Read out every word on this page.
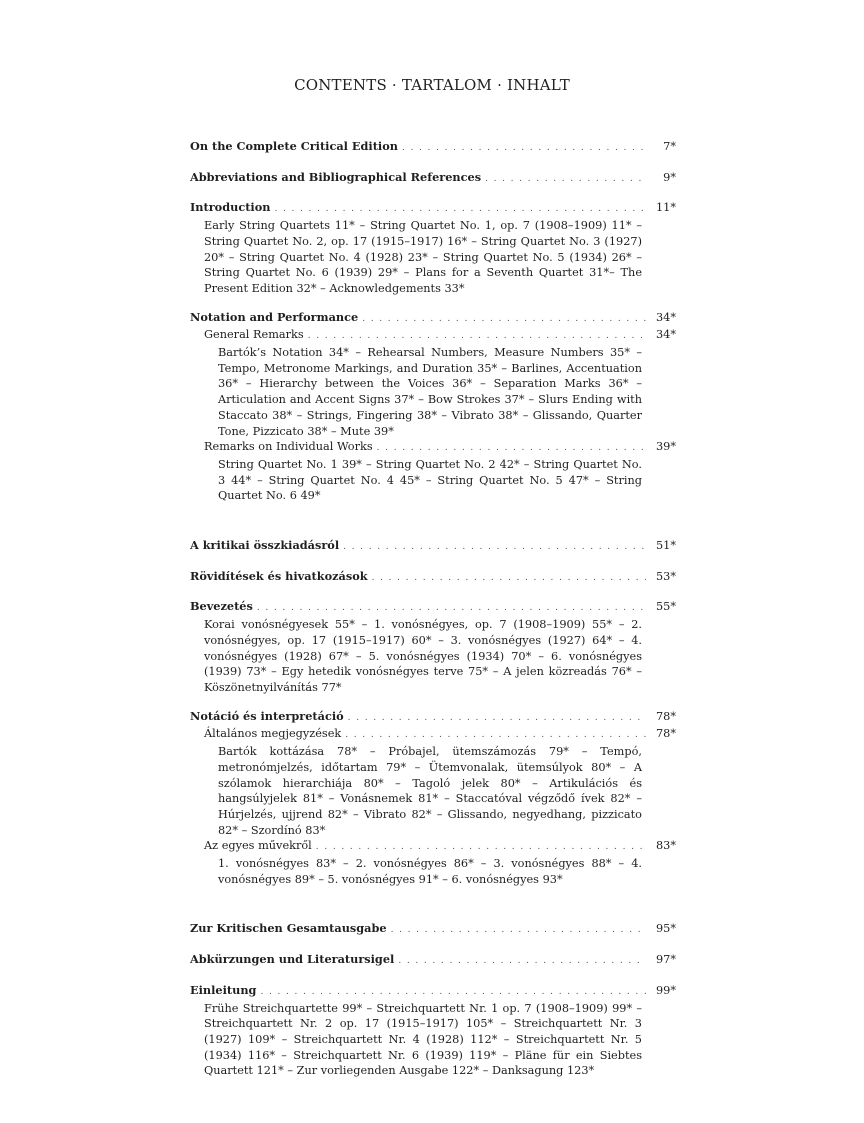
CONTENTS · TARTALOM · INHALT
On the Complete Critical Edition . . .	7*
Abbreviations and Bibliographical References . . .	9*
Introduction . . .	11*
Early String Quartets 11* – String Quartet No. 1, op. 7 (1908–1909) 11* – String Quartet No. 2, op. 17 (1915–1917) 16* – String Quartet No. 3 (1927) 20* – String Quartet No. 4 (1928) 23* – String Quartet No. 5 (1934) 26* – String Quartet No. 6 (1939) 29* – Plans for a Seventh Quartet 31*– The Present Edition 32* – Acknowledgements 33*
Notation and Performance . . .	34*
General Remarks . . .	34*
Bartók’s Notation 34* – Rehearsal Numbers, Measure Numbers 35* – Tempo, Metronome Markings, and Duration 35* – Barlines, Accentuation 36* – Hierarchy between the Voices 36* – Separation Marks 36* – Articulation and Accent Signs 37* – Bow Strokes 37* – Slurs Ending with Staccato 38* – Strings, Fingering 38* – Vibrato 38* – Glissando, Quarter Tone, Pizzicato 38* – Mute 39*
Remarks on Individual Works . . .	39*
String Quartet No. 1 39* – String Quartet No. 2 42* – String Quartet No. 3 44* – String Quartet No. 4 45* – String Quartet No. 5 47* – String Quartet No. 6 49*
A kritikai összkiadásról . . .	51*
Rövidítések és hivatkozások . . .	53*
Bevezetés . . .	55*
Korai vonósnégyesek 55* – 1. vonósnégyes, op. 7 (1908–1909) 55* – 2. vonósnégyes, op. 17 (1915–1917) 60* – 3. vonósnégyes (1927) 64* – 4. vonósnégyes (1928) 67* – 5. vonósnégyes (1934) 70* – 6. vonósnégyes (1939) 73* – Egy hetedik vonósnégyes terve 75* – A jelen közreadás 76* – Köszönetnyilvánítás 77*
Notáció és interpretáció . . .	78*
Általános megjegyzések . . .	78*
Bartók kottázása 78* – Próbajel, ütemszámozás 79* – Tempó, metronómjelzés, időtartam 79* – Ütemvonalak, ütemsúlyok 80* – A szólamok hierarchiája 80* – Tagoló jelek 80* – Artikulációs és hangsúlyjelek 81* – Vonásnemek 81* – Staccatóval végződő ívek 82* – Húrjelzés, ujjrend 82* – Vibrato 82* – Glissando, negyedhang, pizzicato 82* – Szordínó 83*
Az egyes művekről . . .	83*
1. vonósnégyes 83* – 2. vonósnégyes 86* – 3. vonósnégyes 88* – 4. vonósnégyes 89* – 5. vonósnégyes 91* – 6. vonósnégyes 93*
Zur Kritischen Gesamtausgabe . . .	95*
Abkürzungen und Literatursigel . . .	97*
Einleitung . . .	99*
Frühe Streichquartette 99* – Streichquartett Nr. 1 op. 7 (1908–1909) 99* – Streichquartett Nr. 2 op. 17 (1915–1917) 105* – Streichquartett Nr. 3 (1927) 109* – Streichquartett Nr. 4 (1928) 112* – Streichquartett Nr. 5 (1934) 116* – Streichquartett Nr. 6 (1939) 119* – Pläne für ein Siebtes Quartett 121* – Zur vorliegenden Ausgabe 122* – Danksagung 123*
